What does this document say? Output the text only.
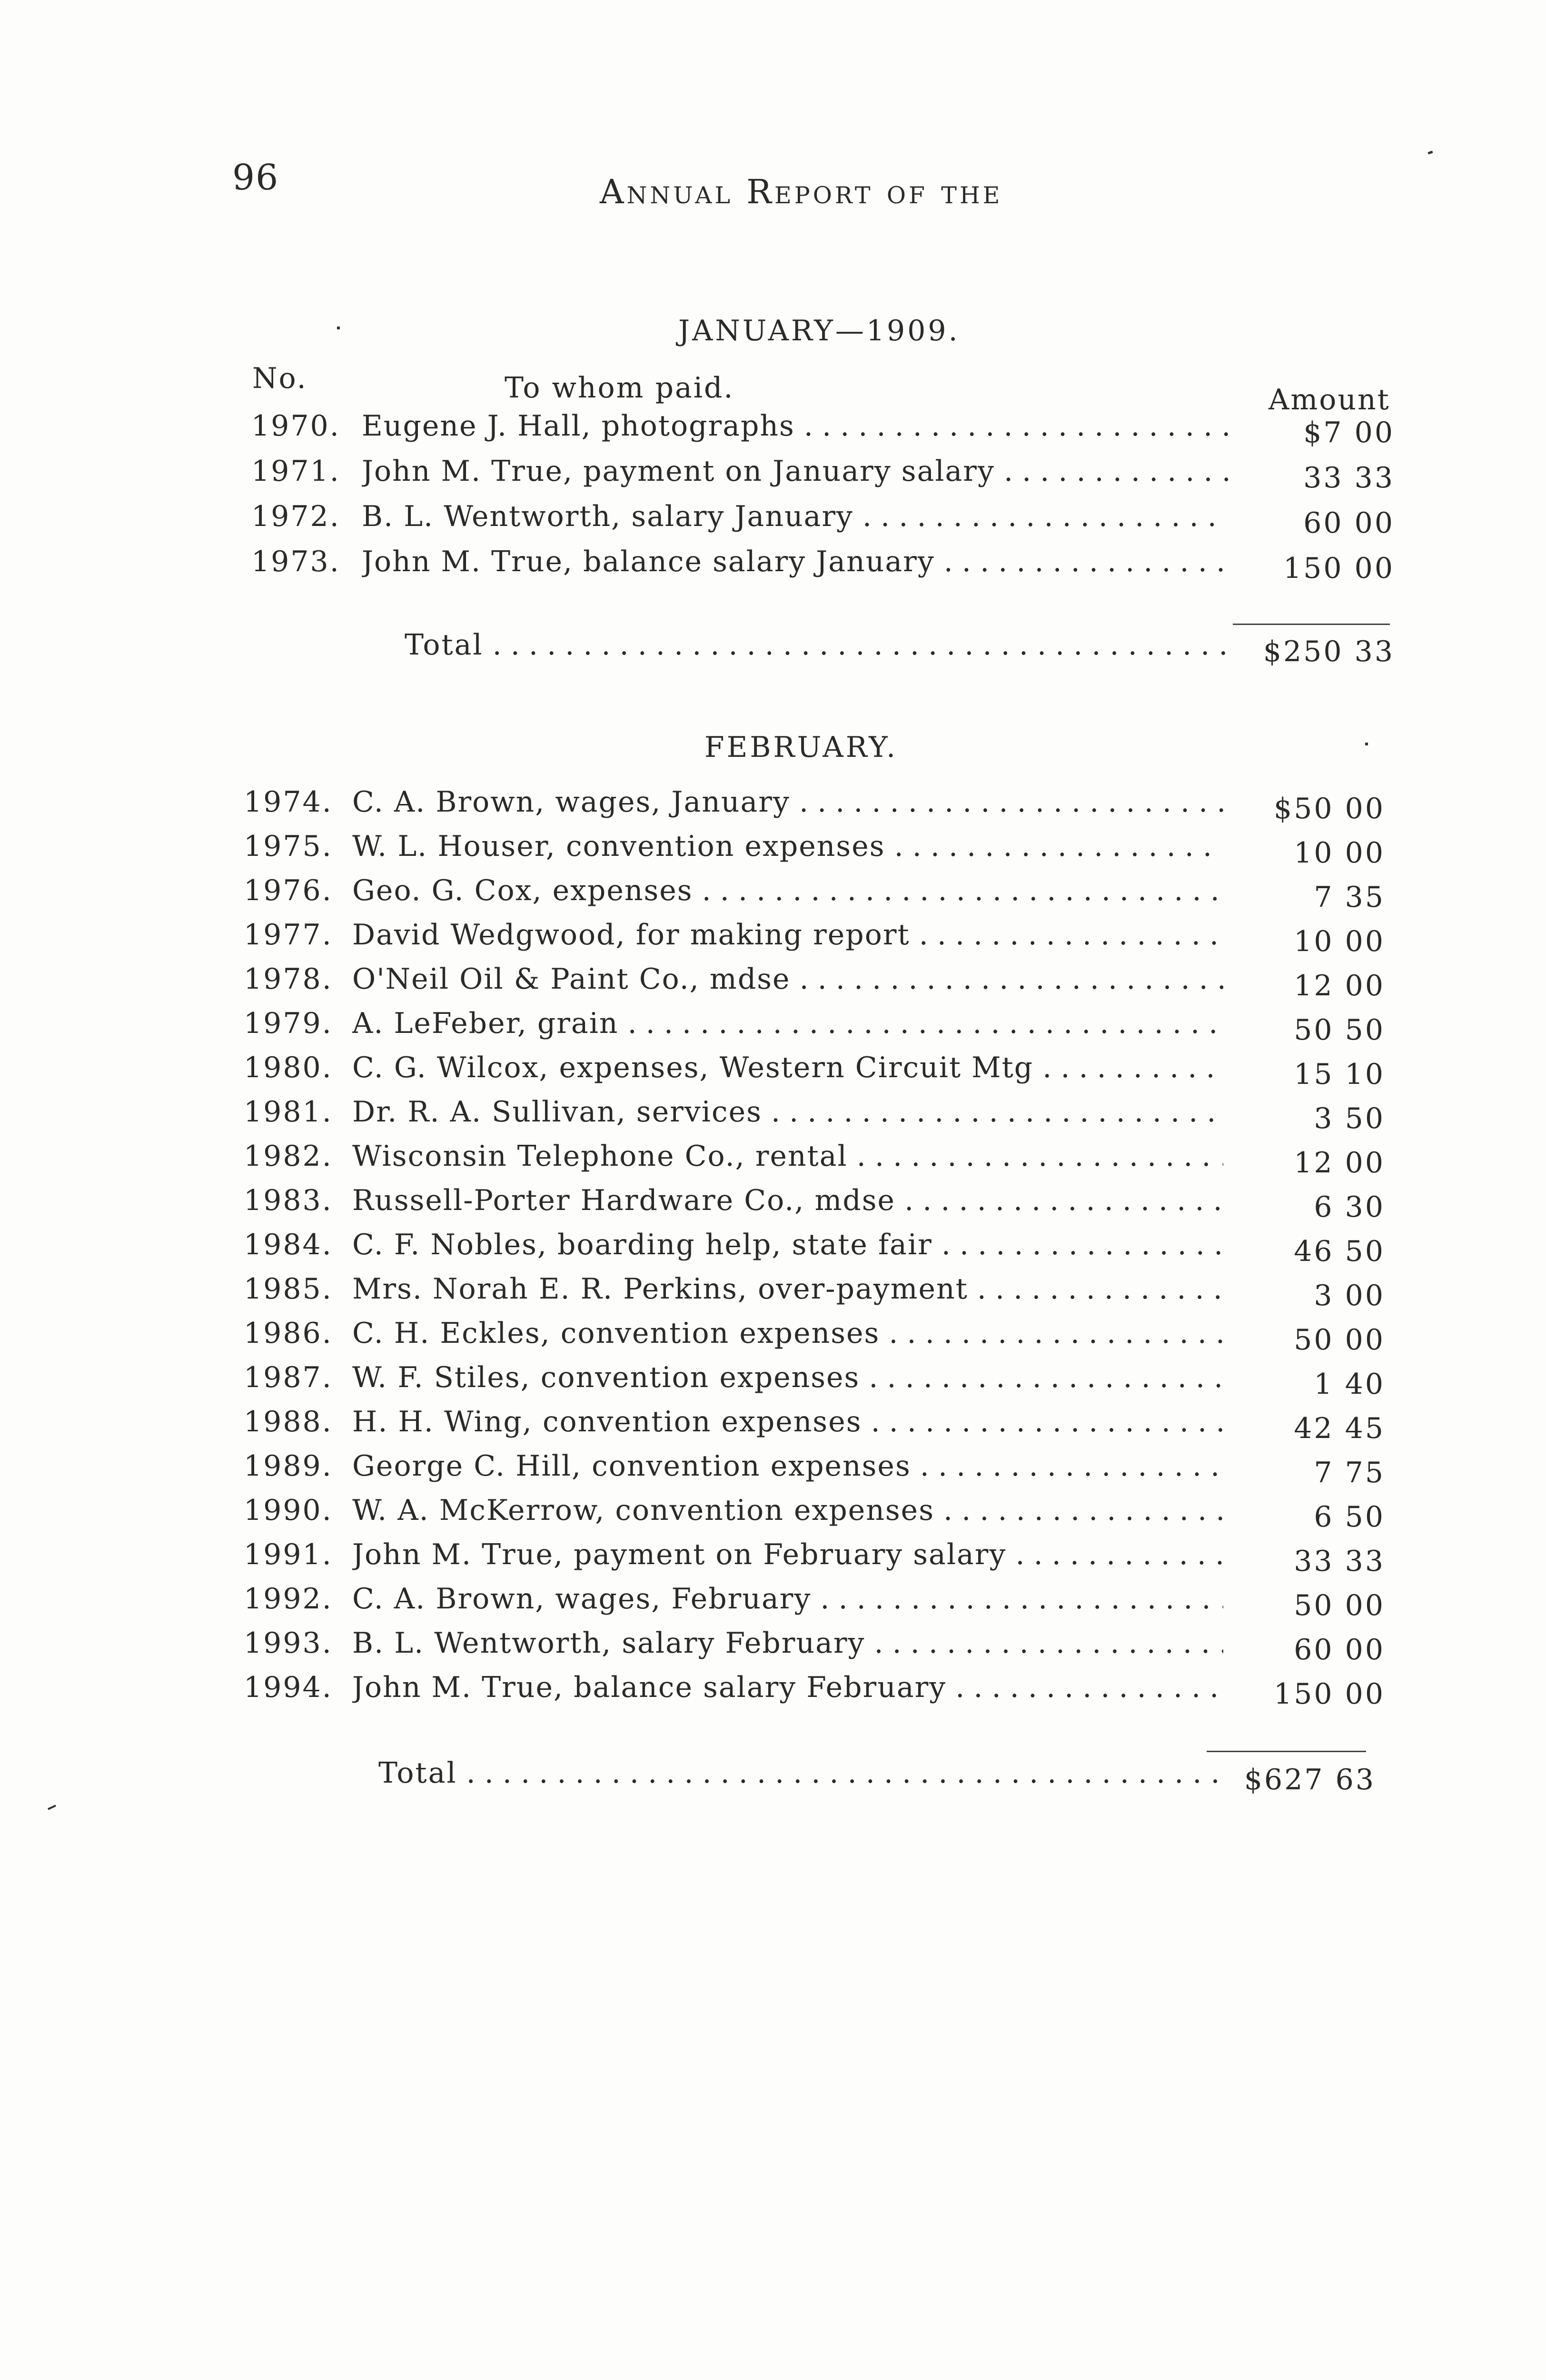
96	Annual Report of the
JANUARY—1909.
No.	To whom paid.	Amount
1970. Eugene J. Hall, photographs . . .	$7 00
1971. John M. True, payment on January salary . . .	33 33
1972. B. L. Wentworth, salary January . . .	60 00
1973. John M. True, balance salary January . . .	150 00
Total . . .	$250 33
FEBRUARY.
1974. C. A. Brown, wages, January . . .	$50 00
1975. W. L. Houser, convention expenses . . .	10 00
1976. Geo. G. Cox, expenses . . .	7 35
1977. David Wedgwood, for making report . . .	10 00
1978. O'Neil Oil & Paint Co., mdse . . .	12 00
1979. A. LeFeber, grain . . .	50 50
1980. C. G. Wilcox, expenses, Western Circuit Mtg . . .	15 10
1981. Dr. R. A. Sullivan, services . . .	3 50
1982. Wisconsin Telephone Co., rental . . .	12 00
1983. Russell-Porter Hardware Co., mdse . . .	6 30
1984. C. F. Nobles, boarding help, state fair . . .	46 50
1985. Mrs. Norah E. R. Perkins, over-payment . . .	3 00
1986. C. H. Eckles, convention expenses . . .	50 00
1987. W. F. Stiles, convention expenses . . .	1 40
1988. H. H. Wing, convention expenses . . .	42 45
1989. George C. Hill, convention expenses . . .	7 75
1990. W. A. McKerrow, convention expenses . . .	6 50
1991. John M. True, payment on February salary . . .	33 33
1992. C. A. Brown, wages, February . . .	50 00
1993. B. L. Wentworth, salary February . . .	60 00
1994. John M. True, balance salary February . . .	150 00
Total . . .	$627 63
